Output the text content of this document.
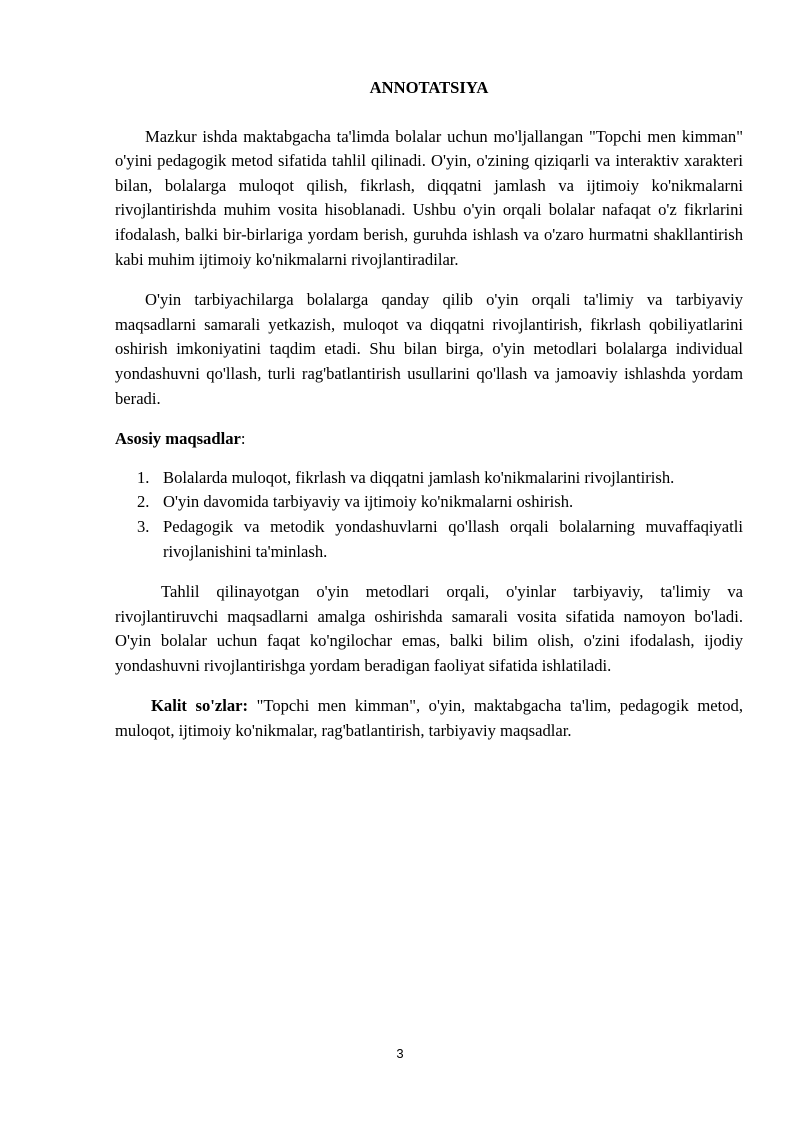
ANNOTATSIYA

Mazkur ishda maktabgacha ta'limda bolalar uchun mo'ljallangan "Topchi men kimman" o'yini pedagogik metod sifatida tahlil qilinadi. O'yin, o'zining qiziqarli va interaktiv xarakteri bilan, bolalarga muloqot qilish, fikrlash, diqqatni jamlash va ijtimoiy ko'nikmalarni rivojlantirishda muhim vosita hisoblanadi. Ushbu o'yin orqali bolalar nafaqat o'z fikrlarini ifodalash, balki bir-birlariga yordam berish, guruhda ishlash va o'zaro hurmatni shakllantirish kabi muhim ijtimoiy ko'nikmalarni rivojlantiradilar.

O'yin tarbiyachilarga bolalarga qanday qilib o'yin orqali ta'limiy va tarbiyaviy maqsadlarni samarali yetkazish, muloqot va diqqatni rivojlantirish, fikrlash qobiliyatlarini oshirish imkoniyatini taqdim etadi. Shu bilan birga, o'yin metodlari bolalarga individual yondashuvni qo'llash, turli rag'batlantirish usullarini qo'llash va jamoaviy ishlashda yordam beradi.

Asosiy maqsadlar:
1. Bolalarda muloqot, fikrlash va diqqatni jamlash ko'nikmalarini rivojlantirish.
2. O'yin davomida tarbiyaviy va ijtimoiy ko'nikmalarni oshirish.
3. Pedagogik va metodik yondashuvlarni qo'llash orqali bolalarning muvaffaqiyatli rivojlanishini ta'minlash.

Tahlil qilinayotgan o'yin metodlari orqali, o'yinlar tarbiyaviy, ta'limiy va rivojlantiruvchi maqsadlarni amalga oshirishda samarali vosita sifatida namoyon bo'ladi. O'yin bolalar uchun faqat ko'ngilochar emas, balki bilim olish, o'zini ifodalash, ijodiy yondashuvni rivojlantirishga yordam beradigan faoliyat sifatida ishlatiladi.

Kalit so'zlar: "Topchi men kimman", o'yin, maktabgacha ta'lim, pedagogik metod, muloqot, ijtimoiy ko'nikmalar, rag'batlantirish, tarbiyaviy maqsadlar.

3
